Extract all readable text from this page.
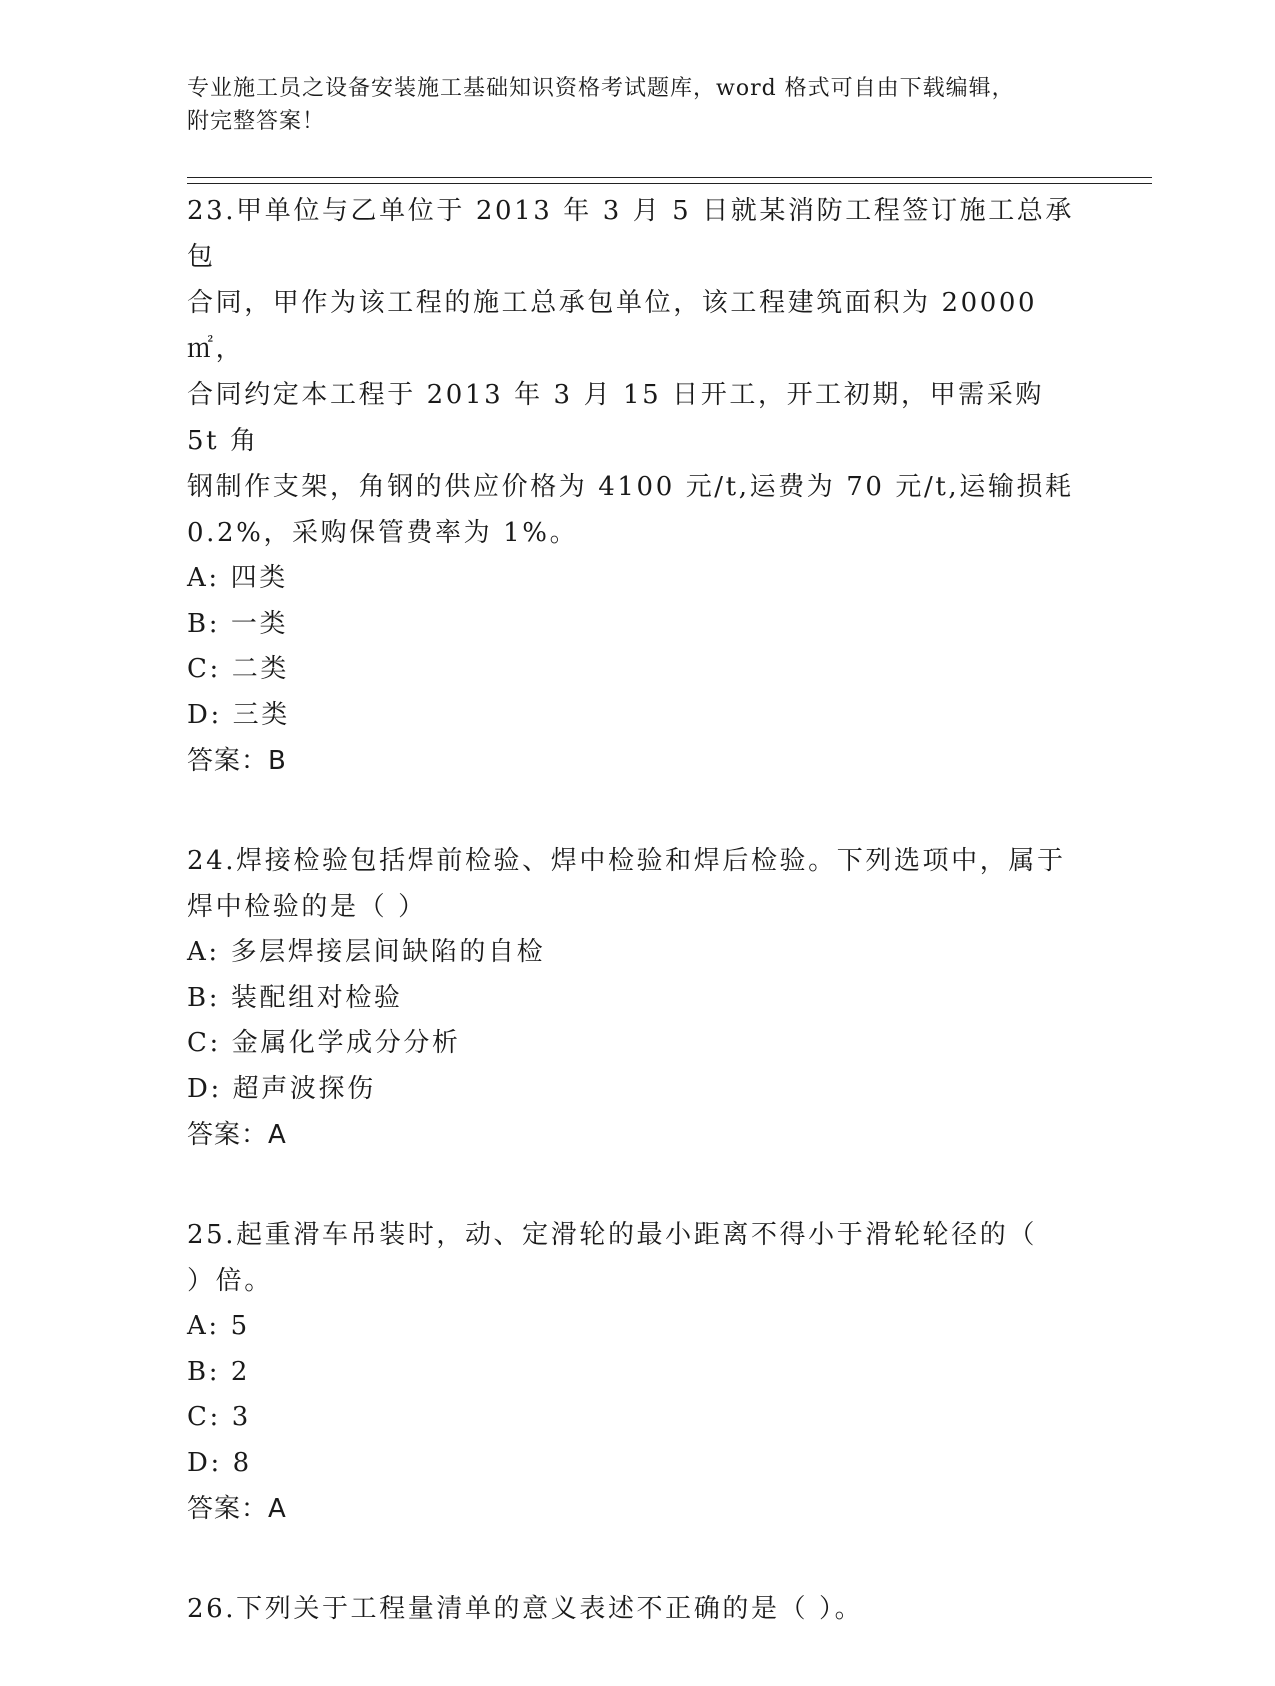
专业施工员之设备安装施工基础知识资格考试题库，word 格式可自由下载编辑，
附完整答案！

23.甲单位与乙单位于 2013 年 3 月 5 日就某消防工程签订施工总承包
合同，甲作为该工程的施工总承包单位，该工程建筑面积为 20000㎡，
合同约定本工程于 2013 年 3 月 15 日开工，开工初期，甲需采购 5t 角
钢制作支架，角钢的供应价格为 4100 元/t,运费为 70 元/t,运输损耗
0.2%，采购保管费率为 1%。

A: 四类
B: 一类
C: 二类
D: 三类

答案：B

24.焊接检验包括焊前检验、焊中检验和焊后检验。下列选项中，属于
焊中检验的是（ ）

A: 多层焊接层间缺陷的自检
B: 装配组对检验
C: 金属化学成分分析
D: 超声波探伤

答案：A

25.起重滑车吊装时，动、定滑轮的最小距离不得小于滑轮轮径的（
）倍。

A: 5
B: 2
C: 3
D: 8

答案：A

26.下列关于工程量清单的意义表述不正确的是（ ）。
